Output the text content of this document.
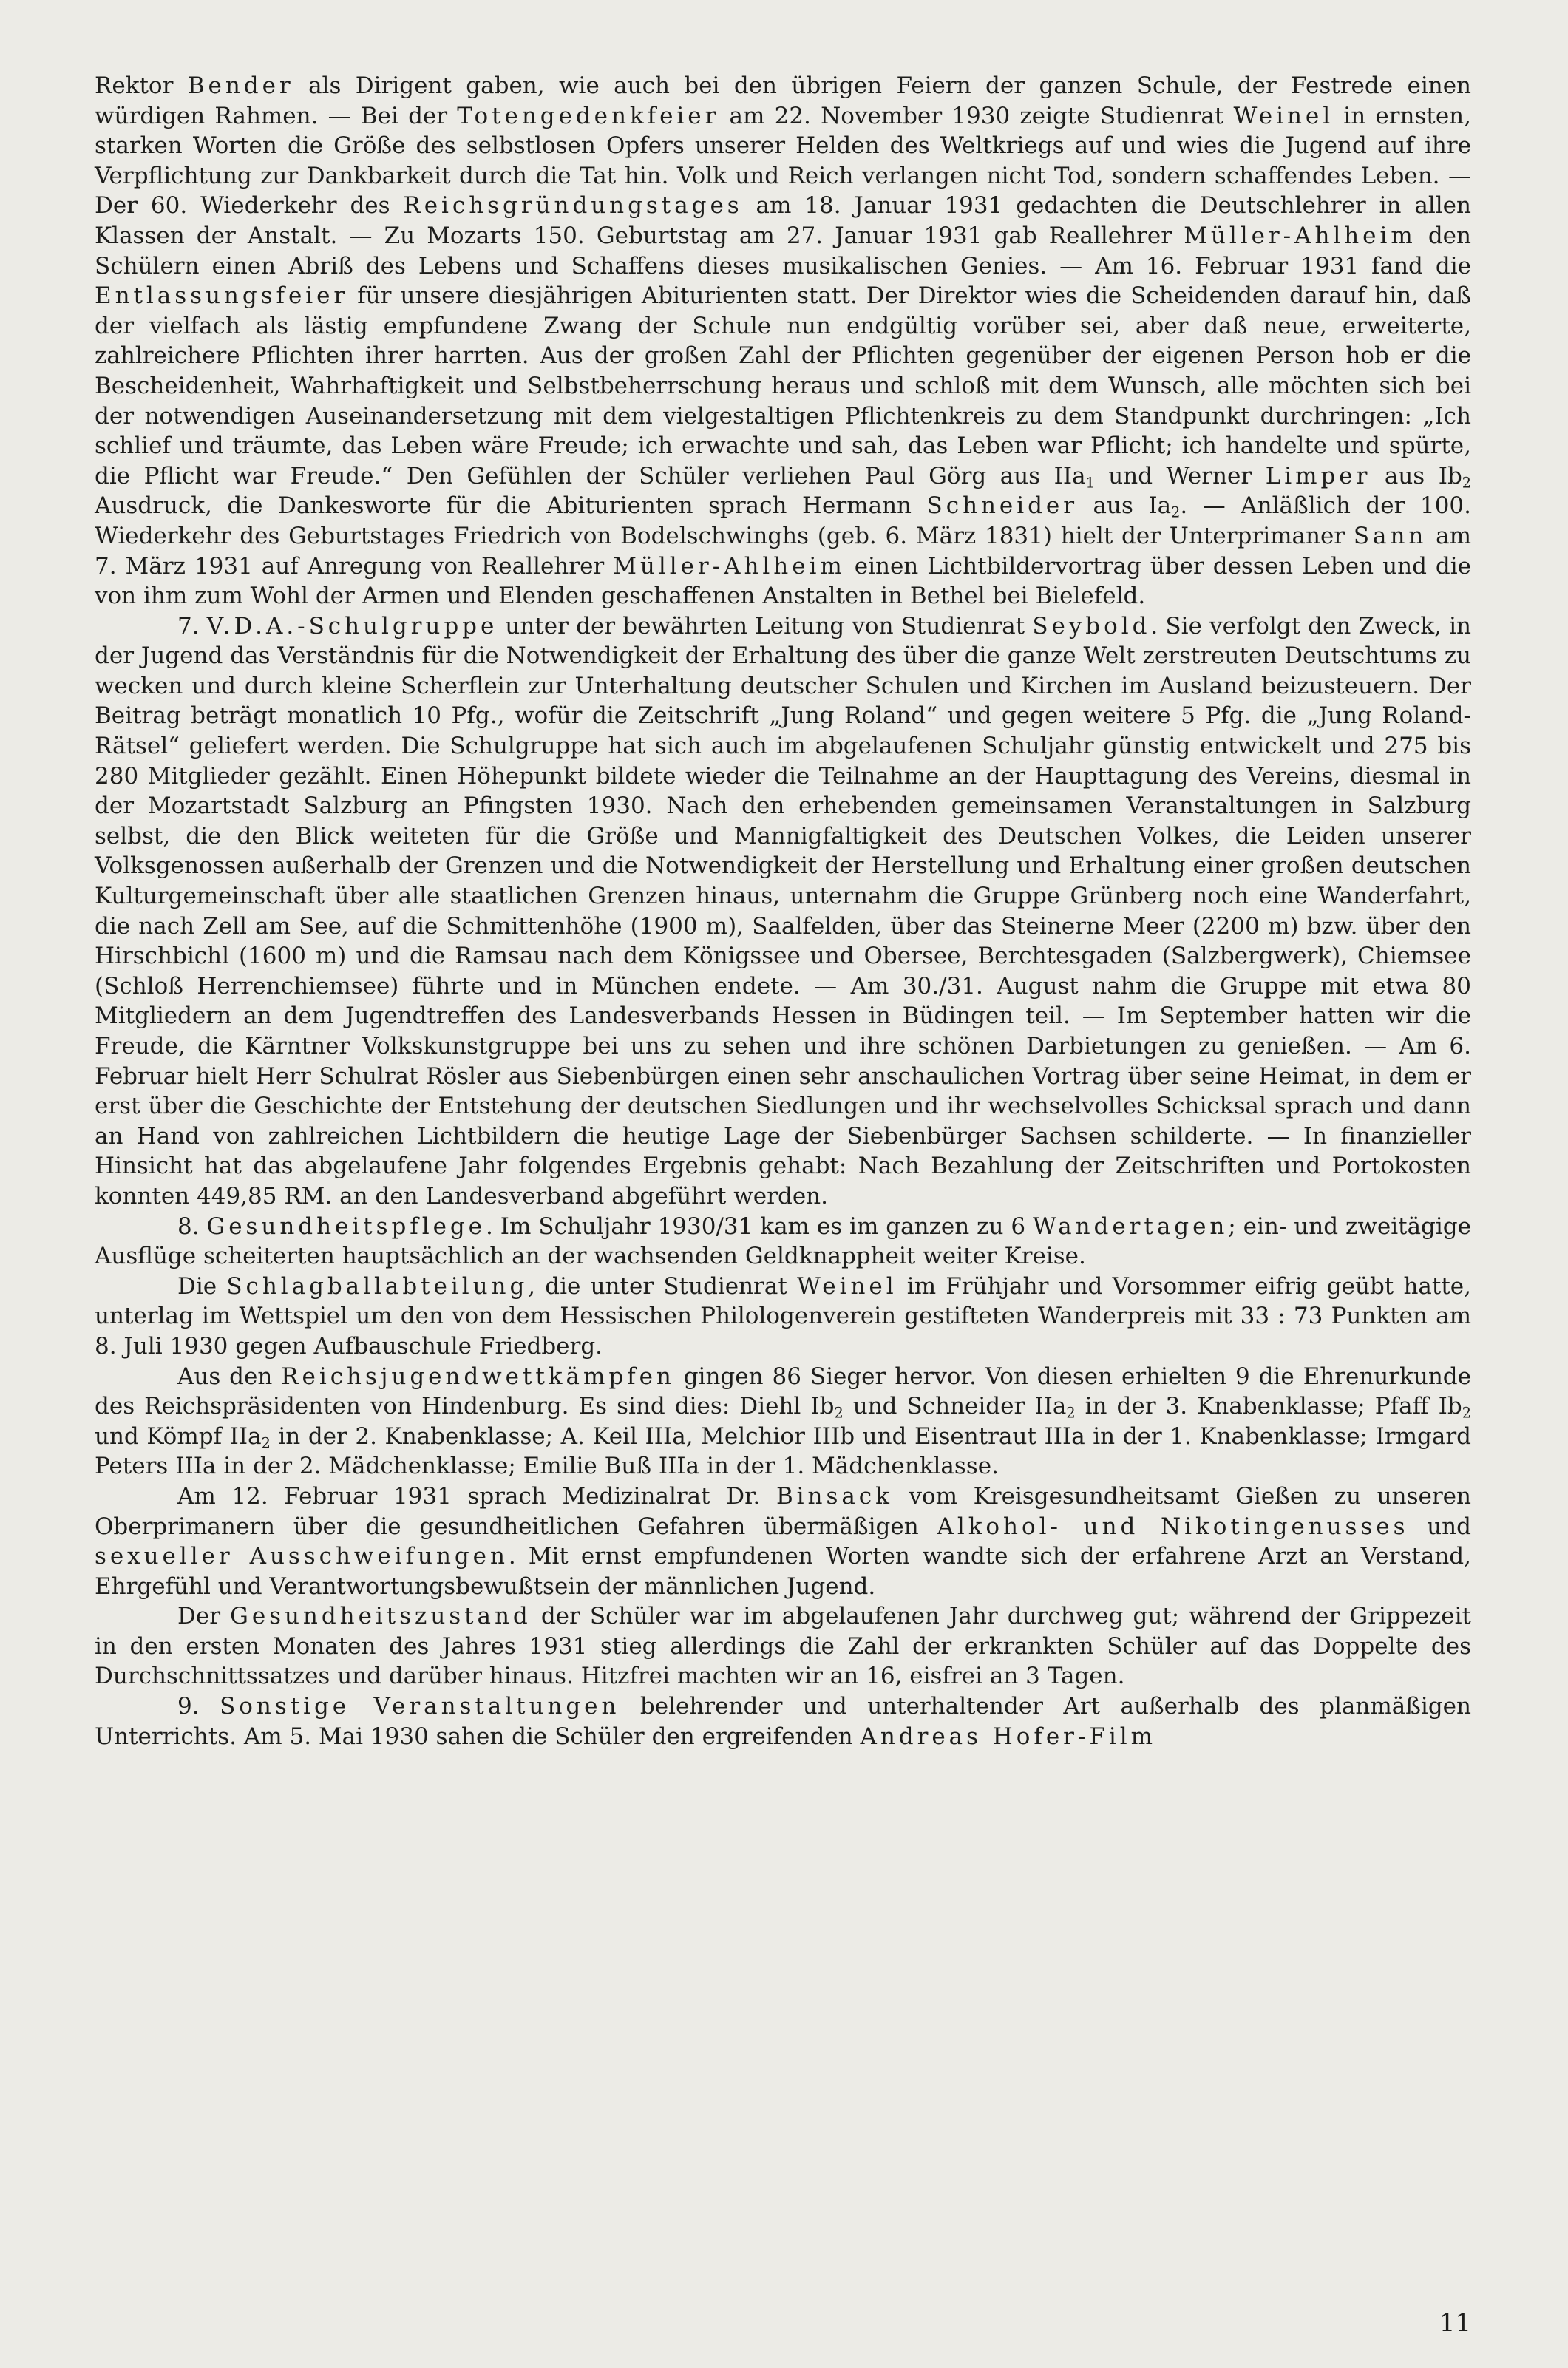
Rektor Bender als Dirigent gaben, wie auch bei den übrigen Feiern der ganzen Schule, der Festrede einen würdigen Rahmen. — Bei der Totengedenkfeier am 22. November 1930 zeigte Studienrat Weinel in ernsten, starken Worten die Größe des selbstlosen Opfers unserer Helden des Weltkriegs auf und wies die Jugend auf ihre Verpflichtung zur Dankbarkeit durch die Tat hin. Volk und Reich verlangen nicht Tod, sondern schaffendes Leben. — Der 60. Wiederkehr des Reichsgründungstages am 18. Januar 1931 gedachten die Deutschlehrer in allen Klassen der Anstalt. — Zu Mozarts 150. Geburtstag am 27. Januar 1931 gab Reallehrer Müller-Ahlheim den Schülern einen Abriß des Lebens und Schaffens dieses musikalischen Genies. — Am 16. Februar 1931 fand die Entlassungsfeier für unsere diesjährigen Abiturienten statt. Der Direktor wies die Scheidenden darauf hin, daß der vielfach als lästig empfundene Zwang der Schule nun endgültig vorüber sei, aber daß neue, erweiterte, zahlreichere Pflichten ihrer harrten. Aus der großen Zahl der Pflichten gegenüber der eigenen Person hob er die Bescheidenheit, Wahrhaftigkeit und Selbstbeherrschung heraus und schloß mit dem Wunsch, alle möchten sich bei der notwendigen Auseinandersetzung mit dem vielgestaltigen Pflichtenkreis zu dem Standpunkt durchringen: „Ich schlief und träumte, das Leben wäre Freude; ich erwachte und sah, das Leben war Pflicht; ich handelte und spürte, die Pflicht war Freude.“ Den Gefühlen der Schüler verliehen Paul Görg aus IIa$_1$ und Werner Limper aus $Ib_2$ Ausdruck, die Dankesworte für die Abiturienten sprach Hermann Schneider aus $Ia_2$. — Anläßlich der 100. Wiederkehr des Geburtstages Friedrich von Bodelschwinghs (geb. 6. März 1831) hielt der Unterprimaner Sann am 7. März 1931 auf Anregung von Reallehrer Müller-Ahlheim einen Lichtbildervortrag über dessen Leben und die von ihm zum Wohl der Armen und Elenden geschaffenen Anstalten in Bethel bei Bielefeld.

7. V.D.A.-Schulgruppe unter der bewährten Leitung von Studienrat Seybold. Sie verfolgt den Zweck, in der Jugend das Verständnis für die Notwendigkeit der Erhaltung des über die ganze Welt zerstreuten Deutschtums zu wecken und durch kleine Scherflein zur Unterhaltung deutscher Schulen und Kirchen im Ausland beizusteuern. Der Beitrag beträgt monatlich 10 Pfg., wofür die Zeitschrift „Jung Roland“ und gegen weitere 5 Pfg. die „Jung Roland-Rätsel“ geliefert werden. Die Schulgruppe hat sich auch im abgelaufenen Schuljahr günstig entwickelt und 275 bis 280 Mitglieder gezählt. Einen Höhepunkt bildete wieder die Teilnahme an der Haupttagung des Vereins, diesmal in der Mozartstadt Salzburg an Pfingsten 1930. Nach den erhebenden gemeinsamen Veranstaltungen in Salzburg selbst, die den Blick weiteten für die Größe und Mannigfaltigkeit des Deutschen Volkes, die Leiden unserer Volksgenossen außerhalb der Grenzen und die Notwendigkeit der Herstellung und Erhaltung einer großen deutschen Kulturgemeinschaft über alle staatlichen Grenzen hinaus, unternahm die Gruppe Grünberg noch eine Wanderfahrt, die nach Zell am See, auf die Schmittenhöhe (1900 m), Saalfelden, über das Steinerne Meer (2200 m) bzw. über den Hirschbichl (1600 m) und die Ramsau nach dem Königssee und Obersee, Berchtesgaden (Salzbergwerk), Chiemsee (Schloß Herrenchiemsee) führte und in München endete. — Am 30./31. August nahm die Gruppe mit etwa 80 Mitgliedern an dem Jugendtreffen des Landesverbands Hessen in Büdingen teil. — Im September hatten wir die Freude, die Kärntner Volkskunstgruppe bei uns zu sehen und ihre schönen Darbietungen zu genießen. — Am 6. Februar hielt Herr Schulrat Rösler aus Siebenbürgen einen sehr anschaulichen Vortrag über seine Heimat, in dem er erst über die Geschichte der Entstehung der deutschen Siedlungen und ihr wechselvolles Schicksal sprach und dann an Hand von zahlreichen Lichtbildern die heutige Lage der Siebenbürger Sachsen schilderte. — In finanzieller Hinsicht hat das abgelaufene Jahr folgendes Ergebnis gehabt: Nach Bezahlung der Zeitschriften und Portokosten konnten 449,85 RM. an den Landesverband abgeführt werden.

8. Gesundheitspflege. Im Schuljahr 1930/31 kam es im ganzen zu 6 Wandertagen; ein- und zweitägige Ausflüge scheiterten hauptsächlich an der wachsenden Geldknappheit weiter Kreise.

Die Schlagballabteilung, die unter Studienrat Weinel im Frühjahr und Vorsommer eifrig geübt hatte, unterlag im Wettspiel um den von dem Hessischen Philologenverein gestifteten Wanderpreis mit 33 : 73 Punkten am 8. Juli 1930 gegen Aufbauschule Friedberg.

Aus den Reichsjugendwettkämpfen gingen 86 Sieger hervor. Von diesen erhielten 9 die Ehrenurkunde des Reichspräsidenten von Hindenburg. Es sind dies: Diehl $Ib_2$ und Schneider IIa$_2$ in der 3. Knabenklasse; Pfaff $Ib_2$ und Kömpf IIa$_2$ in der 2. Knabenklasse; A. Keil IIIa, Melchior IIIb und Eisentraut IIIa in der 1. Knabenklasse; Irmgard Peters IIIa in der 2. Mädchenklasse; Emilie Buß IIIa in der 1. Mädchenklasse.

Am 12. Februar 1931 sprach Medizinalrat Dr. Binsack vom Kreisgesundheitsamt Gießen zu unseren Oberprimanern über die gesundheitlichen Gefahren übermäßigen Alkohol- und Nikotingenusses und sexueller Ausschweifungen. Mit ernst empfundenen Worten wandte sich der erfahrene Arzt an Verstand, Ehrgefühl und Verantwortungsbewußtsein der männlichen Jugend.

Der Gesundheitszustand der Schüler war im abgelaufenen Jahr durchweg gut; während der Grippezeit in den ersten Monaten des Jahres 1931 stieg allerdings die Zahl der erkrankten Schüler auf das Doppelte des Durchschnittssatzes und darüber hinaus. Hitzfrei machten wir an 16, eisfrei an 3 Tagen.

9. Sonstige Veranstaltungen belehrender und unterhaltender Art außerhalb des planmäßigen Unterrichts. Am 5. Mai 1930 sahen die Schüler den ergreifenden Andreas Hofer-Film

11
